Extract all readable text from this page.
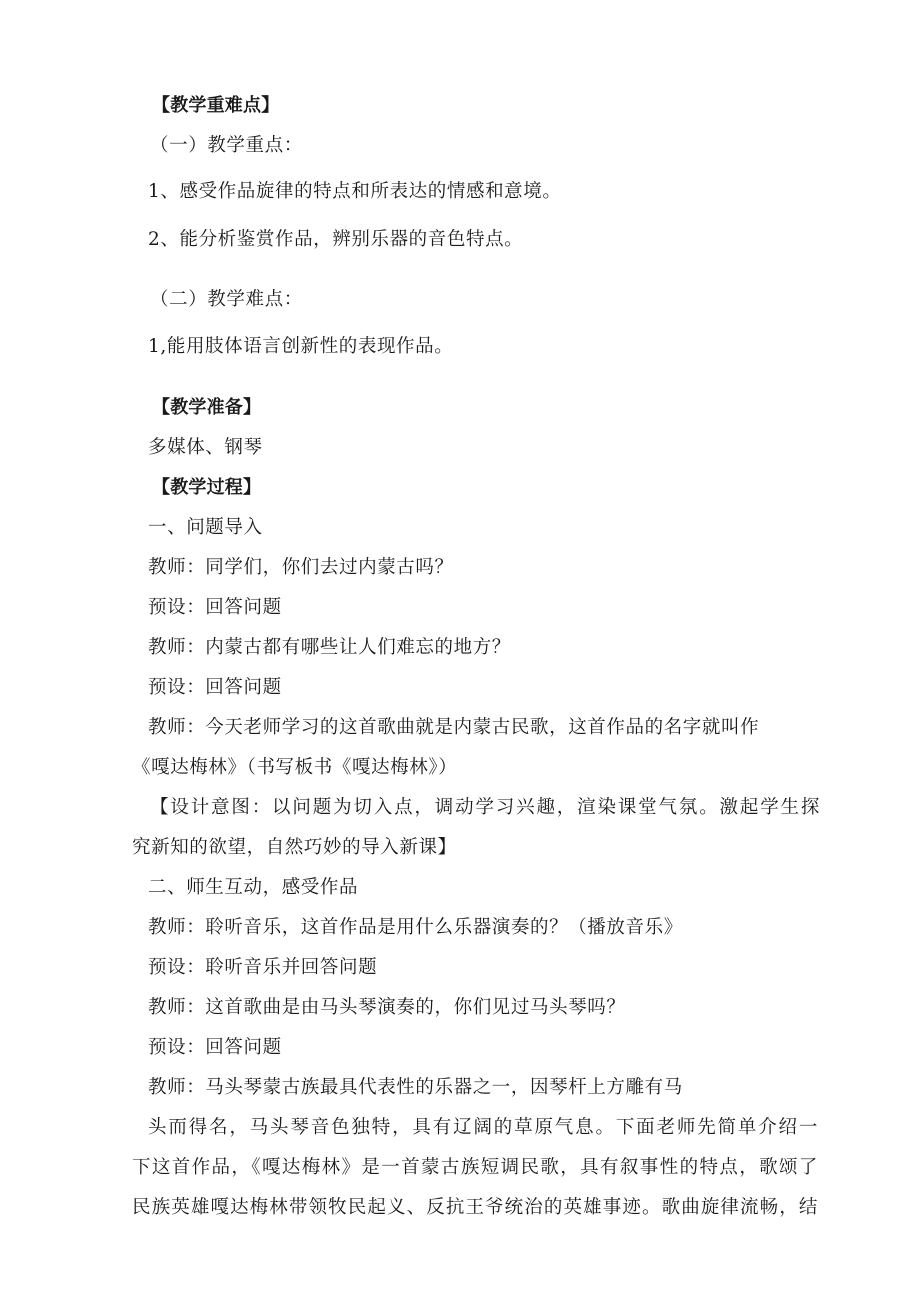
【教学重难点】
（一）教学重点：
1、感受作品旋律的特点和所表达的情感和意境。
2、能分析鉴赏作品，辨别乐器的音色特点。
（二）教学难点：
1,能用肢体语言创新性的表现作品。
【教学准备】
多媒体、钢琴
【教学过程】
一、问题导入
教师：同学们，你们去过内蒙古吗？
预设：回答问题
教师：内蒙古都有哪些让人们难忘的地方？
预设：回答问题
教师：今天老师学习的这首歌曲就是内蒙古民歌，这首作品的名字就叫作
《嘎达梅林》（书写板书《嘎达梅林》）
【设计意图：以问题为切入点，调动学习兴趣，渲染课堂气氛。激起学生探
究新知的欲望，自然巧妙的导入新课】
二、师生互动，感受作品
教师：聆听音乐，这首作品是用什么乐器演奏的？（播放音乐》
预设：聆听音乐并回答问题
教师：这首歌曲是由马头琴演奏的，你们见过马头琴吗？
预设：回答问题
教师：马头琴蒙古族最具代表性的乐器之一，因琴杆上方雕有马
头而得名，马头琴音色独特，具有辽阔的草原气息。下面老师先简单介绍一
下这首作品，《嘎达梅林》是一首蒙古族短调民歌，具有叙事性的特点，歌颂了
民族英雄嘎达梅林带领牧民起义、反抗王爷统治的英雄事迹。歌曲旋律流畅，结
